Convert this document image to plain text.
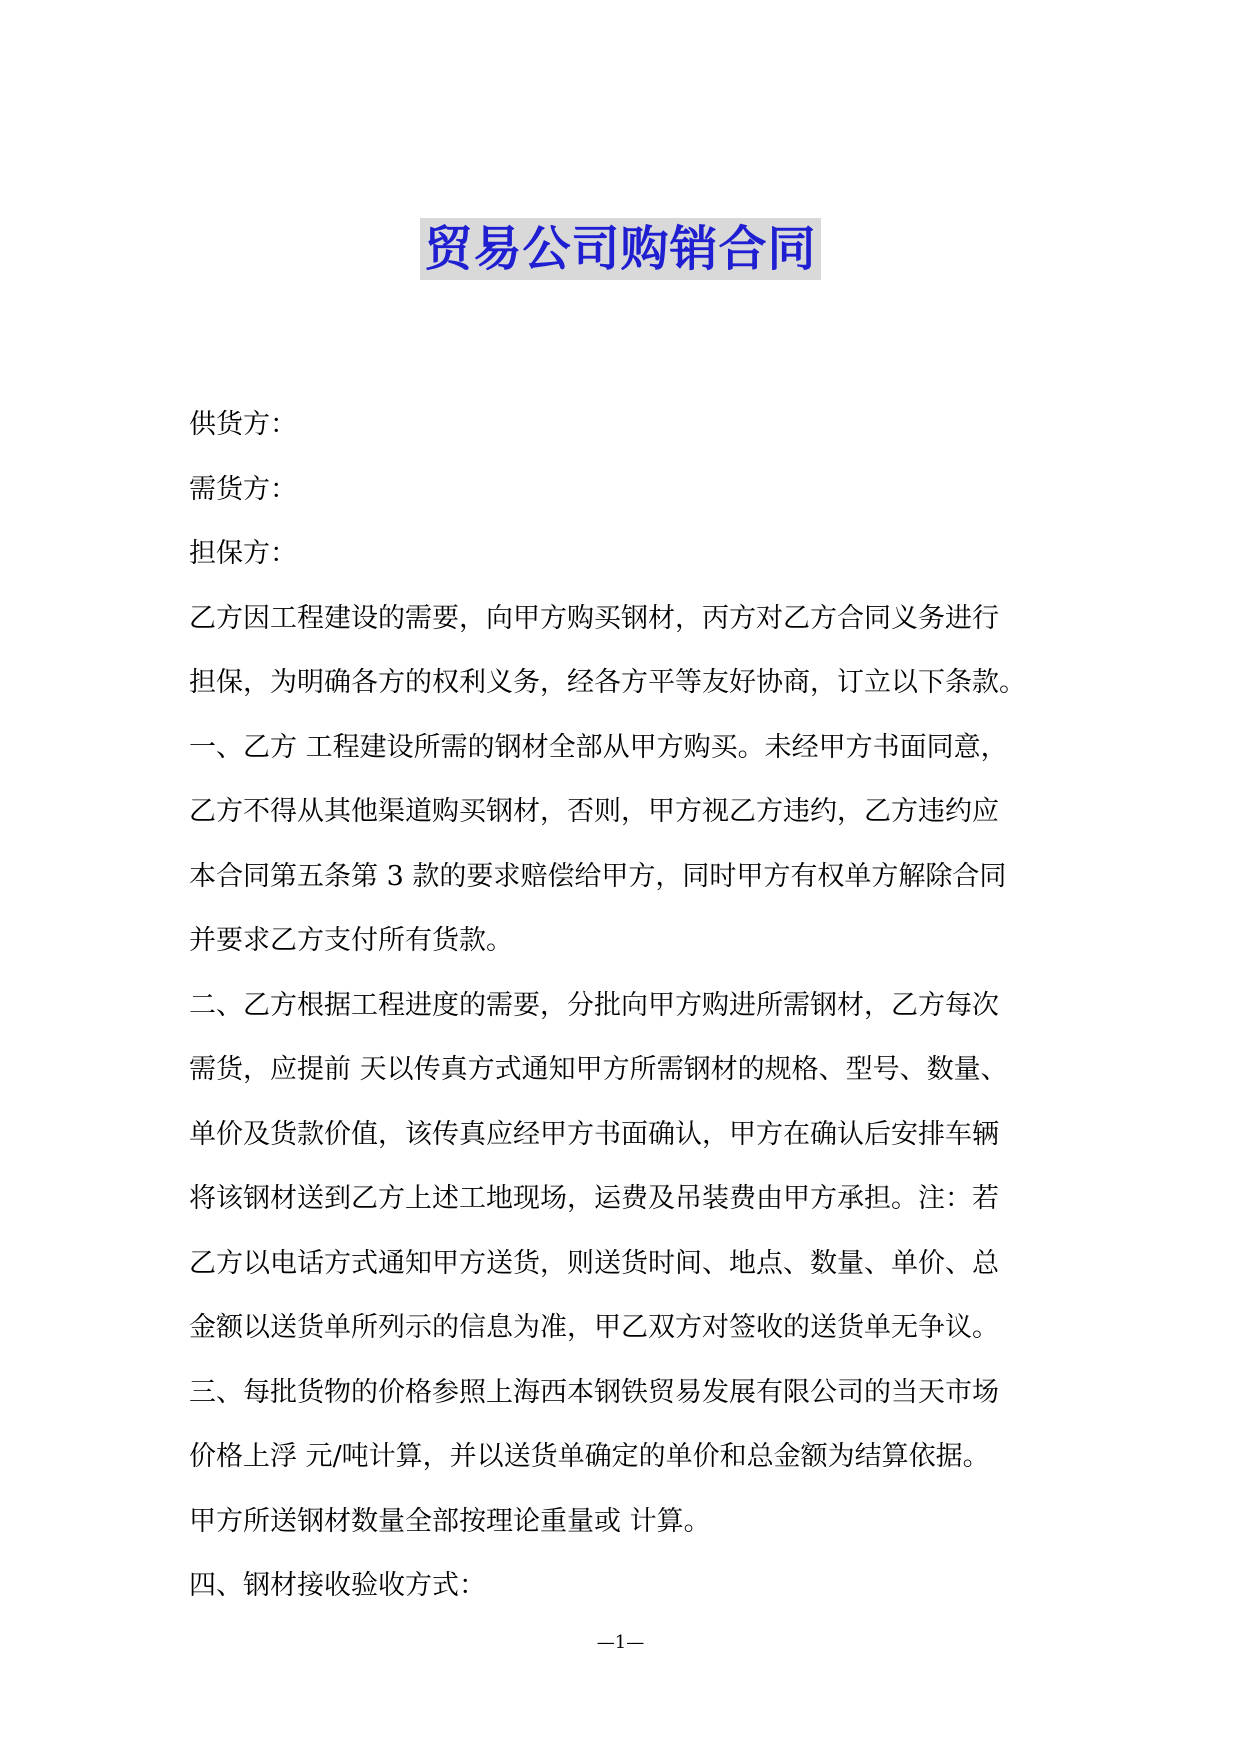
贸易公司购销合同
供货方：
需货方：
担保方：
乙方因工程建设的需要，向甲方购买钢材，丙方对乙方合同义务进行
担保，为明确各方的权利义务，经各方平等友好协商，订立以下条款。
一、乙方 工程建设所需的钢材全部从甲方购买。未经甲方书面同意，
乙方不得从其他渠道购买钢材，否则，甲方视乙方违约，乙方违约应
本合同第五条第 3 款的要求赔偿给甲方，同时甲方有权单方解除合同
并要求乙方支付所有货款。
二、乙方根据工程进度的需要，分批向甲方购进所需钢材，乙方每次
需货，应提前 天以传真方式通知甲方所需钢材的规格、型号、数量、
单价及货款价值，该传真应经甲方书面确认，甲方在确认后安排车辆
将该钢材送到乙方上述工地现场，运费及吊装费由甲方承担。注：若
乙方以电话方式通知甲方送货，则送货时间、地点、数量、单价、总
金额以送货单所列示的信息为准，甲乙双方对签收的送货单无争议。
三、每批货物的价格参照上海西本钢铁贸易发展有限公司的当天市场
价格上浮 元/吨计算，并以送货单确定的单价和总金额为结算依据。
甲方所送钢材数量全部按理论重量或 计算。
四、钢材接收验收方式：
—1—
